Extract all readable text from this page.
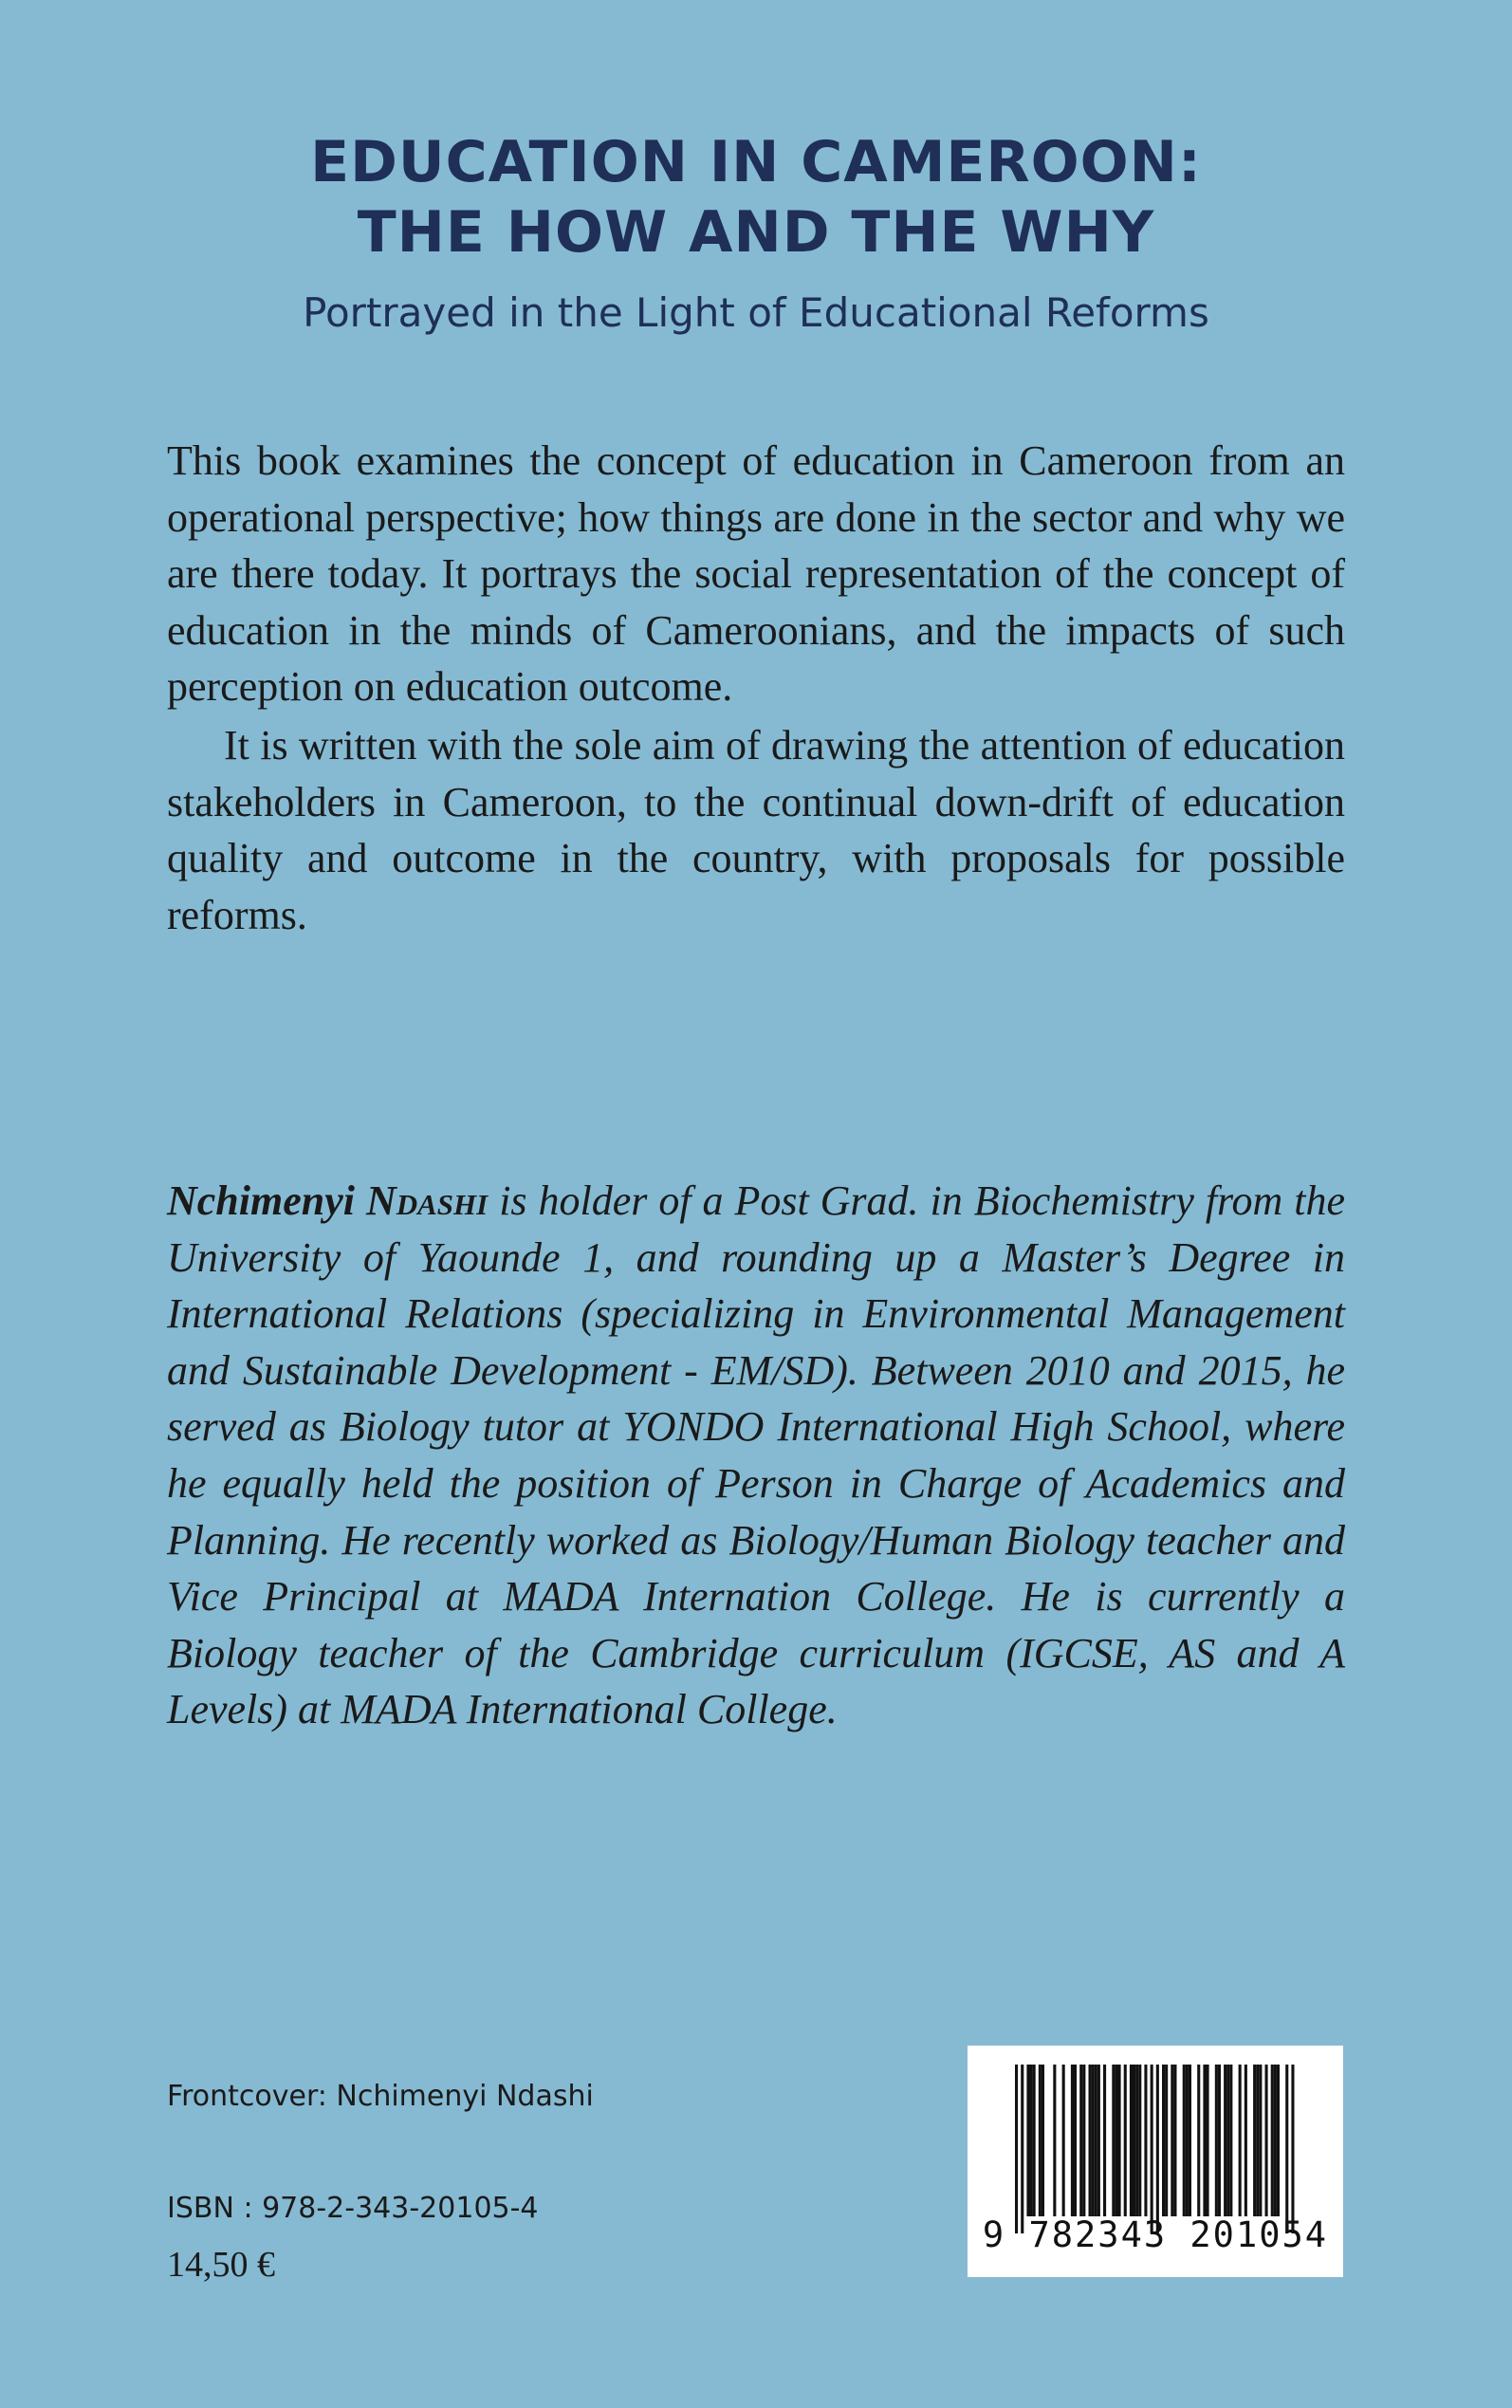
EDUCATION IN CAMEROON:
THE HOW AND THE WHY
Portrayed in the Light of Educational Reforms

This book examines the concept of education in Cameroon from an operational perspective; how things are done in the sector and why we are there today. It portrays the social representation of the concept of education in the minds of Cameroonians, and the impacts of such perception on education outcome.

It is written with the sole aim of drawing the attention of education stakeholders in Cameroon, to the continual down-drift of education quality and outcome in the country, with proposals for possible reforms.

Nchimenyi Ndashi is holder of a Post Grad. in Biochemistry from the University of Yaounde 1, and rounding up a Master’s Degree in International Relations (specializing in Environmental Management and Sustainable Development - EM/SD). Between 2010 and 2015, he served as Biology tutor at YONDO International High School, where he equally held the position of Person in Charge of Academics and Planning. He recently worked as Biology/Human Biology teacher and Vice Principal at MADA Internation College. He is currently a Biology teacher of the Cambridge curriculum (IGCSE, AS and A Levels) at MADA International College.

Frontcover: Nchimenyi Ndashi
ISBN : 978-2-343-20105-4
14,50 €
9 782343 201054
